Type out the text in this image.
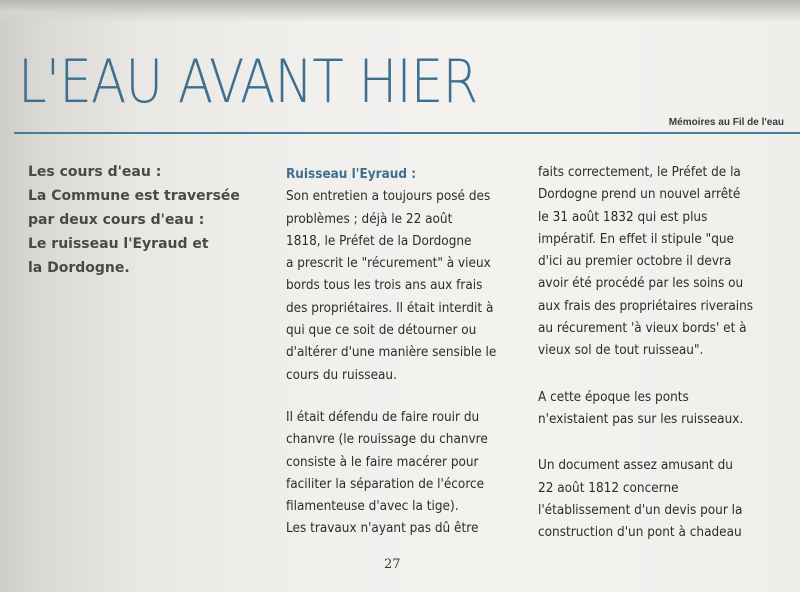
L'EAU AVANT HIER
Mémoires au Fil de l'eau
Les cours d'eau :
La Commune est traversée
par deux cours d'eau :
Le ruisseau l'Eyraud et
la Dordogne.
Ruisseau l'Eyraud :
Son entretien a toujours posé des
problèmes ; déjà le 22 août
1818, le Préfet de la Dordogne
a prescrit le "récurement" à vieux
bords tous les trois ans aux frais
des propriétaires. Il était interdit à
qui que ce soit de détourner ou
d'altérer d'une manière sensible le
cours du ruisseau.
Il était défendu de faire rouir du
chanvre (le rouissage du chanvre
consiste à le faire macérer pour
faciliter la séparation de l'écorce
filamenteuse d'avec la tige).
Les travaux n'ayant pas dû être
faits correctement, le Préfet de la
Dordogne prend un nouvel arrêté
le 31 août 1832 qui est plus
impératif. En effet il stipule "que
d'ici au premier octobre il devra
avoir été procédé par les soins ou
aux frais des propriétaires riverains
au récurement 'à vieux bords' et à
vieux sol de tout ruisseau".
A cette époque les ponts
n'existaient pas sur les ruisseaux.
Un document assez amusant du
22 août 1812 concerne
l'établissement d'un devis pour la
construction d'un pont à chadeau
27
